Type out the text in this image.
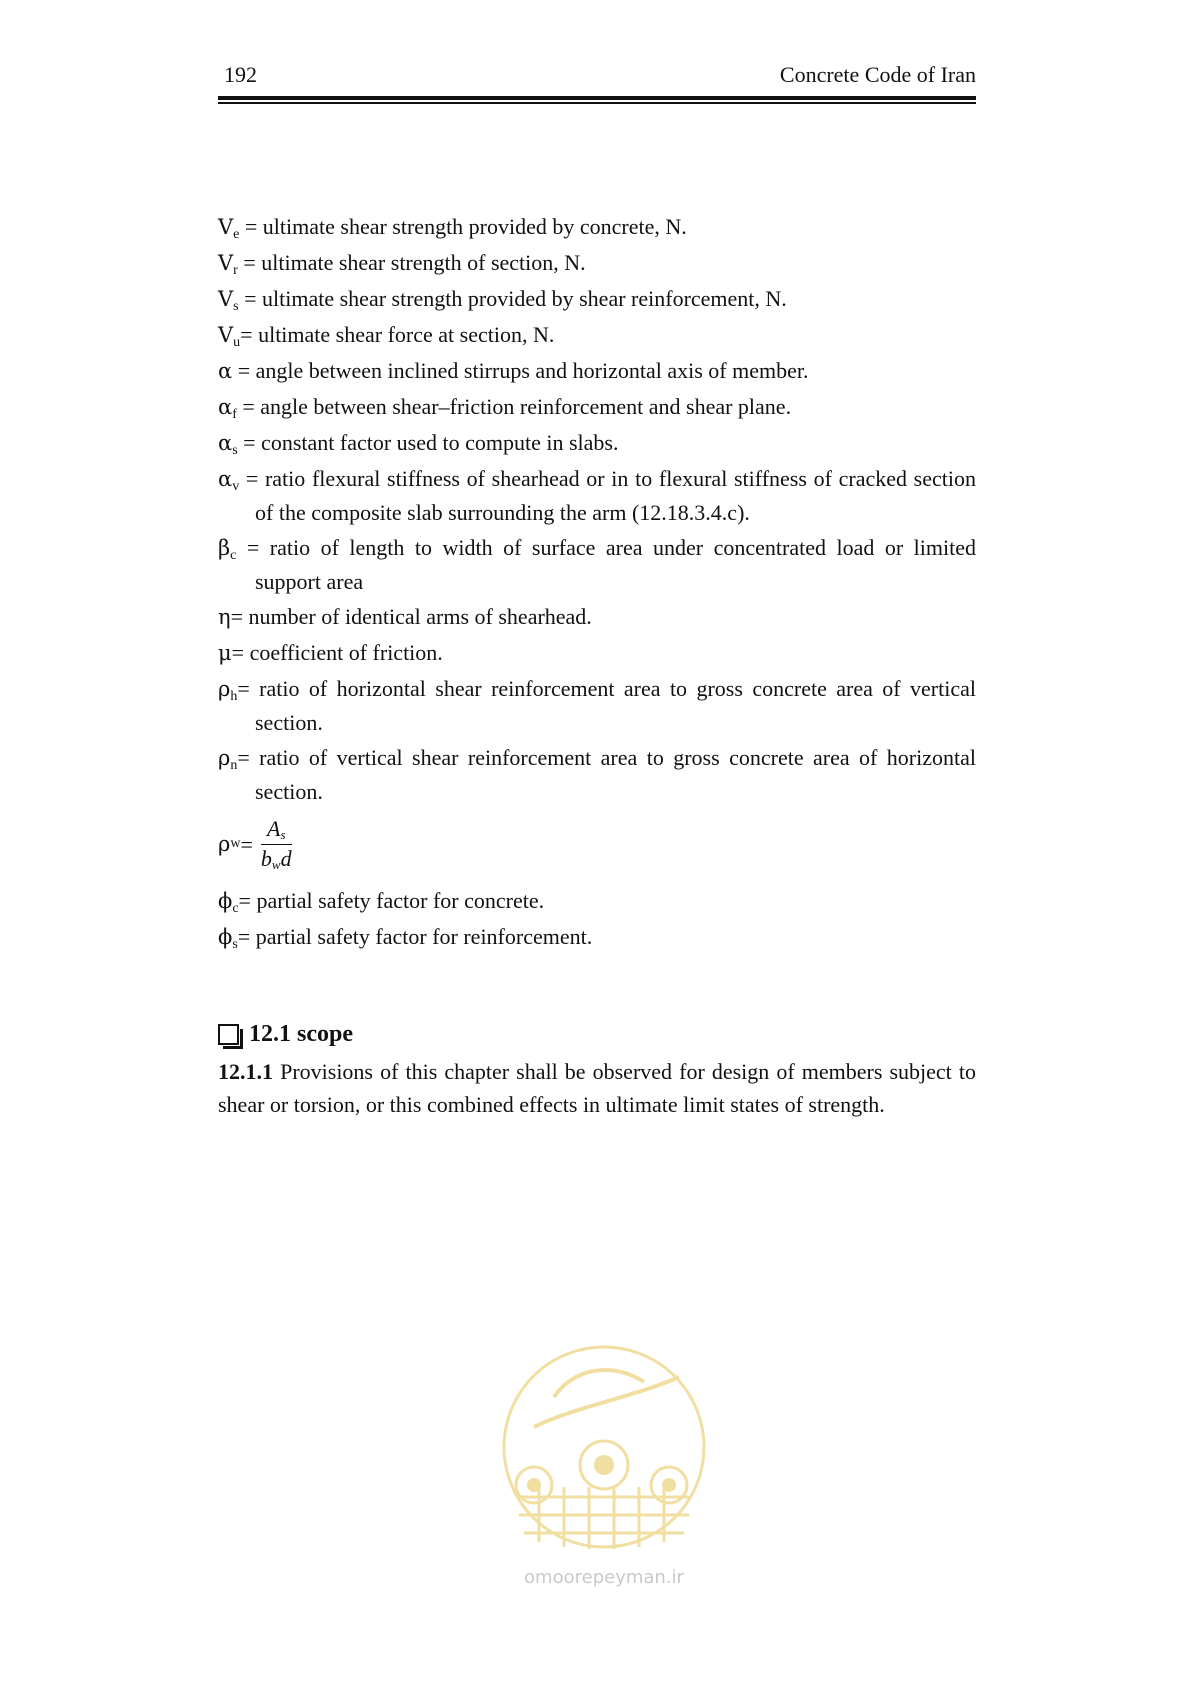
192	Concrete Code of Iran

$V_e$ = ultimate shear strength provided by concrete, N.

$V_r$ = ultimate shear strength of section, N.

$V_s$ = ultimate shear strength provided by shear reinforcement, N.

$V_u=$ ultimate shear force at section, N.

α = angle between inclined stirrups and horizontal axis of member.

$\alpha_f$ = angle between shear–friction reinforcement and shear plane.

$\alpha_s$ = constant factor used to compute in slabs.

$\alpha_v$ = ratio flexural stiffness of shearhead or in to flexural stiffness of cracked section of the composite slab surrounding the arm (12.18.3.4.c).

$\beta_c$ = ratio of length to width of surface area under concentrated load or limited support area

η= number of identical arms of shearhead.

μ= coefficient of friction.

$\rho_h=$ ratio of horizontal shear reinforcement area to gross concrete area of vertical section.

$\rho_n=$ ratio of vertical shear reinforcement area to gross concrete area of horizontal section.

ρ $w = \frac{A_s}{b_wd}$

$\phi_c=$ partial safety factor for concrete.

$\phi_s=$ partial safety factor for reinforcement.

12.1 scope

12.1.1 Provisions of this chapter shall be observed for design of members subject to shear or torsion, or this combined effects in ultimate limit states of strength.

omoorepeyman.ir
